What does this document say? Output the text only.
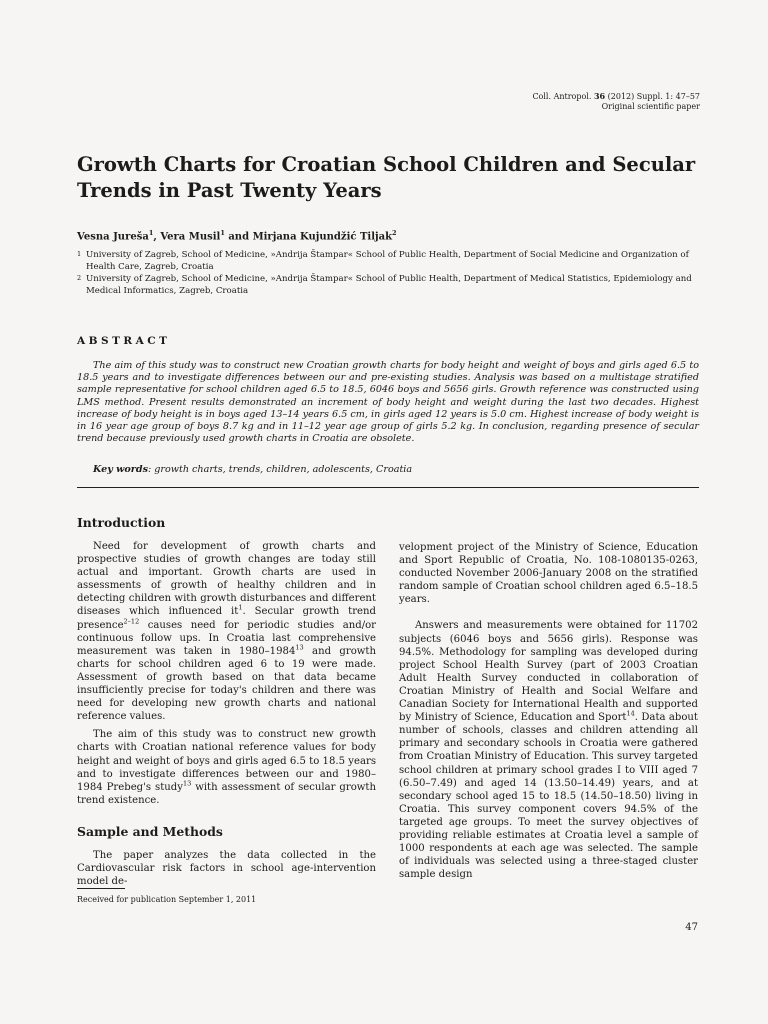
Coll. Antropol. 36 (2012) Suppl. 1: 47–57
Original scientific paper
Growth Charts for Croatian School Children and Secular Trends in Past Twenty Years

Vesna Jureša$^1$, Vera Musil$^1$ and Mirjana Kujundžić Tiljak$^2$

1 University of Zagreb, School of Medicine, »Andrija Štampar« School of Public Health, Department of Social Medicine and Organization of Health Care, Zagreb, Croatia
2 University of Zagreb, School of Medicine, »Andrija Štampar« School of Public Health, Department of Medical Statistics, Epidemiology and Medical Informatics, Zagreb, Croatia
ABSTRACT

The aim of this study was to construct new Croatian growth charts for body height and weight of boys and girls aged 6.5 to 18.5 years and to investigate differences between our and pre-existing studies. Analysis was based on a multistage stratified sample representative for school children aged 6.5 to 18.5, 6046 boys and 5656 girls. Growth reference was constructed using LMS method. Present results demonstrated an increment of body height and weight during the last two decades. Highest increase of body height is in boys aged 13–14 years 6.5 cm, in girls aged 12 years is 5.0 cm. Highest increase of body weight is in 16 year age group of boys 8.7 kg and in 11–12 year age group of girls 5.2 kg. In conclusion, regarding presence of secular trend because previously used growth charts in Croatia are obsolete.

Key words: growth charts, trends, children, adolescents, Croatia

Introduction

Need for development of growth charts and prospective studies of growth changes are today still actual and important. Growth charts are used in assessments of growth of healthy children and in detecting children with growth disturbances and different diseases which influenced it$^1$. Secular growth trend presence$^{2-12}$ causes need for periodic studies and/or continuous follow ups. In Croatia last comprehensive measurement was taken in 1980–1984$^{13}$ and growth charts for school children aged 6 to 19 were made. Assessment of growth based on that data became insufficiently precise for today's children and there was need for developing new growth charts and national reference values.

The aim of this study was to construct new growth charts with Croatian national reference values for body height and weight of boys and girls aged 6.5 to 18.5 years and to investigate differences between our and 1980–1984 Prebeg's study$^{13}$ with assessment of secular growth trend existence.

Sample and Methods

The paper analyzes the data collected in the Cardiovascular risk factors in school age-intervention model de-

velopment project of the Ministry of Science, Education and Sport Republic of Croatia, No. 108-1080135-0263, conducted November 2006-January 2008 on the stratified random sample of Croatian school children aged 6.5–18.5 years.

Answers and measurements were obtained for 11702 subjects (6046 boys and 5656 girls). Response was 94.5%. Methodology for sampling was developed during project School Health Survey (part of 2003 Croatian Adult Health Survey conducted in collaboration of Croatian Ministry of Health and Social Welfare and Canadian Society for International Health and supported by Ministry of Science, Education and Sport$^{14}$. Data about number of schools, classes and children attending all primary and secondary schools in Croatia were gathered from Croatian Ministry of Education. This survey targeted school children at primary school grades I to VIII aged 7 (6.50–7.49) and aged 14 (13.50–14.49) years, and at secondary school aged 15 to 18.5 (14.50–18.50) living in Croatia. This survey component covers 94.5% of the targeted age groups. To meet the survey objectives of providing reliable estimates at Croatia level a sample of 1000 respondents at each age was selected. The sample of individuals was selected using a three-staged cluster sample design

Received for publication September 1, 2011
47
